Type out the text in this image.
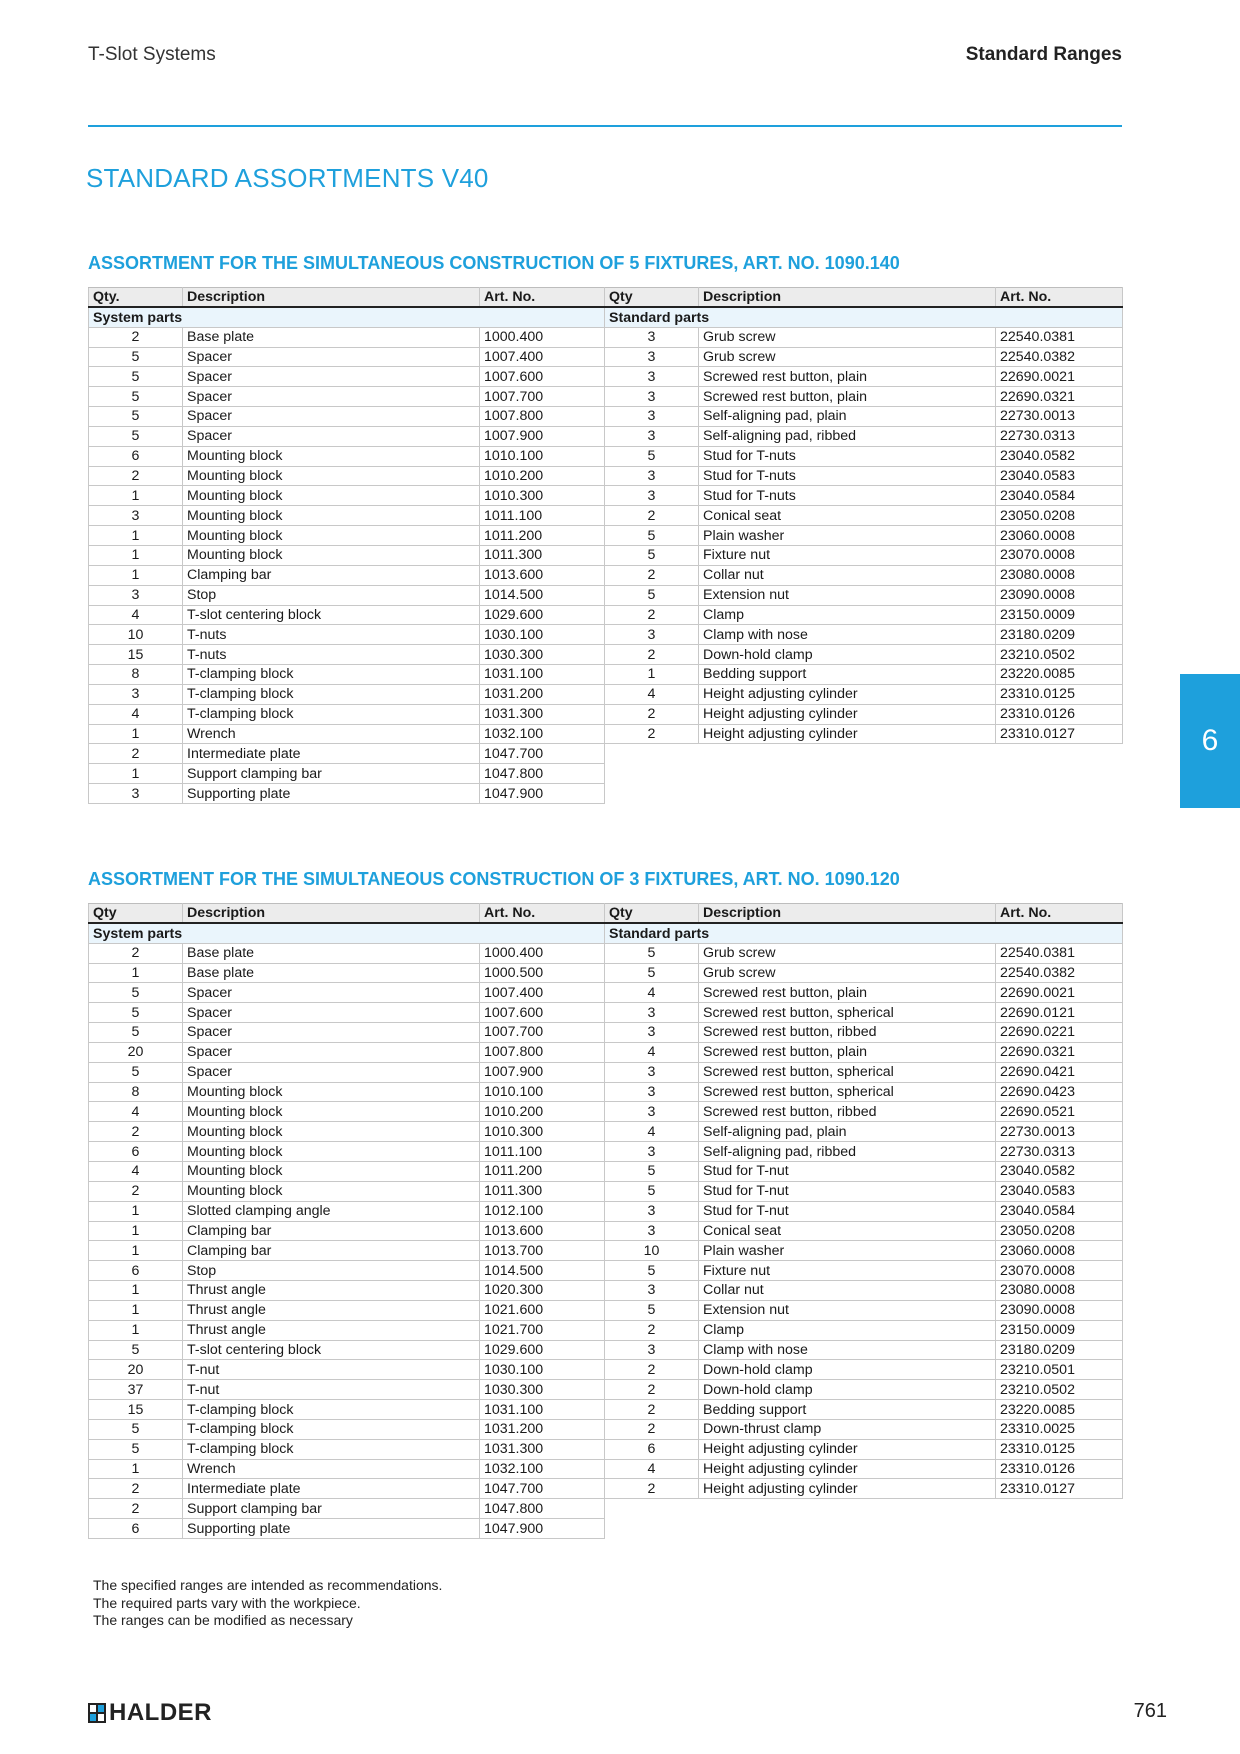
T-Slot Systems	Standard Ranges
STANDARD ASSORTMENTS V40
ASSORTMENT FOR THE SIMULTANEOUS CONSTRUCTION OF 5 FIXTURES, ART. NO. 1090.140
Qty.	Description	Art. No.	Qty	Description	Art. No.
System parts			Standard parts		
2	Base plate	1000.400	3	Grub screw	22540.0381
5	Spacer	1007.400	3	Grub screw	22540.0382
5	Spacer	1007.600	3	Screwed rest button, plain	22690.0021
5	Spacer	1007.700	3	Screwed rest button, plain	22690.0321
5	Spacer	1007.800	3	Self-aligning pad, plain	22730.0013
5	Spacer	1007.900	3	Self-aligning pad, ribbed	22730.0313
6	Mounting block	1010.100	5	Stud for T-nuts	23040.0582
2	Mounting block	1010.200	3	Stud for T-nuts	23040.0583
1	Mounting block	1010.300	3	Stud for T-nuts	23040.0584
3	Mounting block	1011.100	2	Conical seat	23050.0208
1	Mounting block	1011.200	5	Plain washer	23060.0008
1	Mounting block	1011.300	5	Fixture nut	23070.0008
1	Clamping bar	1013.600	2	Collar nut	23080.0008
3	Stop	1014.500	5	Extension nut	23090.0008
4	T-slot centering block	1029.600	2	Clamp	23150.0009
10	T-nuts	1030.100	3	Clamp with nose	23180.0209
15	T-nuts	1030.300	2	Down-hold clamp	23210.0502
8	T-clamping block	1031.100	1	Bedding support	23220.0085
3	T-clamping block	1031.200	4	Height adjusting cylinder	23310.0125
4	T-clamping block	1031.300	2	Height adjusting cylinder	23310.0126
1	Wrench	1032.100	2	Height adjusting cylinder	23310.0127
2	Intermediate plate	1047.700			
1	Support clamping bar	1047.800			
3	Supporting plate	1047.900			
ASSORTMENT FOR THE SIMULTANEOUS CONSTRUCTION OF 3 FIXTURES, ART. NO. 1090.120
Qty	Description	Art. No.	Qty	Description	Art. No.
System parts			Standard parts		
2	Base plate	1000.400	5	Grub screw	22540.0381
1	Base plate	1000.500	5	Grub screw	22540.0382
5	Spacer	1007.400	4	Screwed rest button, plain	22690.0021
5	Spacer	1007.600	3	Screwed rest button, spherical	22690.0121
5	Spacer	1007.700	3	Screwed rest button, ribbed	22690.0221
20	Spacer	1007.800	4	Screwed rest button, plain	22690.0321
5	Spacer	1007.900	3	Screwed rest button, spherical	22690.0421
8	Mounting block	1010.100	3	Screwed rest button, spherical	22690.0423
4	Mounting block	1010.200	3	Screwed rest button, ribbed	22690.0521
2	Mounting block	1010.300	4	Self-aligning pad, plain	22730.0013
6	Mounting block	1011.100	3	Self-aligning pad, ribbed	22730.0313
4	Mounting block	1011.200	5	Stud for T-nut	23040.0582
2	Mounting block	1011.300	5	Stud for T-nut	23040.0583
1	Slotted clamping angle	1012.100	3	Stud for T-nut	23040.0584
1	Clamping bar	1013.600	3	Conical seat	23050.0208
1	Clamping bar	1013.700	10	Plain washer	23060.0008
6	Stop	1014.500	5	Fixture nut	23070.0008
1	Thrust angle	1020.300	3	Collar nut	23080.0008
1	Thrust angle	1021.600	5	Extension nut	23090.0008
1	Thrust angle	1021.700	2	Clamp	23150.0009
5	T-slot centering block	1029.600	3	Clamp with nose	23180.0209
20	T-nut	1030.100	2	Down-hold clamp	23210.0501
37	T-nut	1030.300	2	Down-hold clamp	23210.0502
15	T-clamping block	1031.100	2	Bedding support	23220.0085
5	T-clamping block	1031.200	2	Down-thrust clamp	23310.0025
5	T-clamping block	1031.300	6	Height adjusting cylinder	23310.0125
1	Wrench	1032.100	4	Height adjusting cylinder	23310.0126
2	Intermediate plate	1047.700	2	Height adjusting cylinder	23310.0127
2	Support clamping bar	1047.800			
6	Supporting plate	1047.900			
6
The specified ranges are intended as recommendations.
The required parts vary with the workpiece.
The ranges can be modified as necessary
HALDER	761
